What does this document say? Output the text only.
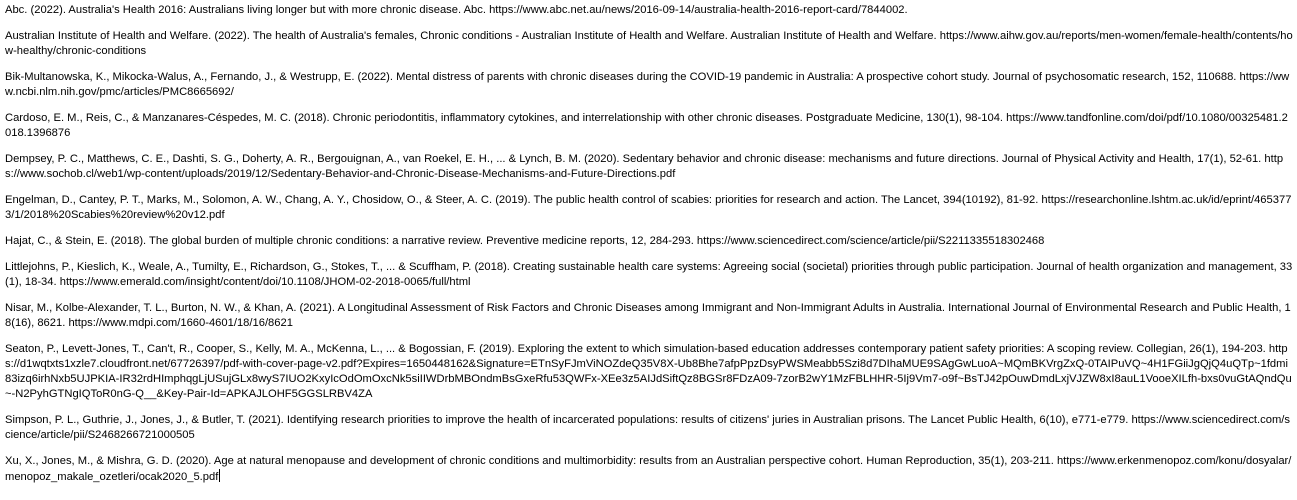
Abc. (2022). Australia's Health 2016: Australians living longer but with more chronic disease. Abc. https://www.abc.net.au/news/2016-09-14/australia-health-2016-report-card/7844002.

Australian Institute of Health and Welfare. (2022). The health of Australia's females, Chronic conditions - Australian Institute of Health and Welfare. Australian Institute of Health and Welfare. https://www.aihw.gov.au/reports/men-women/female-health/contents/how-healthy/chronic-conditions

Bik-Multanowska, K., Mikocka-Walus, A., Fernando, J., & Westrupp, E. (2022). Mental distress of parents with chronic diseases during the COVID-19 pandemic in Australia: A prospective cohort study. Journal of psychosomatic research, 152, 110688. https://www.ncbi.nlm.nih.gov/pmc/articles/PMC8665692/

Cardoso, E. M., Reis, C., & Manzanares-Céspedes, M. C. (2018). Chronic periodontitis, inflammatory cytokines, and interrelationship with other chronic diseases. Postgraduate Medicine, 130(1), 98-104. https://www.tandfonline.com/doi/pdf/10.1080/00325481.2018.1396876

Dempsey, P. C., Matthews, C. E., Dashti, S. G., Doherty, A. R., Bergouignan, A., van Roekel, E. H., ... & Lynch, B. M. (2020). Sedentary behavior and chronic disease: mechanisms and future directions. Journal of Physical Activity and Health, 17(1), 52-61. https://www.sochob.cl/web1/wp-content/uploads/2019/12/Sedentary-Behavior-and-Chronic-Disease-Mechanisms-and-Future-Directions.pdf

Engelman, D., Cantey, P. T., Marks, M., Solomon, A. W., Chang, A. Y., Chosidow, O., & Steer, A. C. (2019). The public health control of scabies: priorities for research and action. The Lancet, 394(10192), 81-92. https://researchonline.lshtm.ac.uk/id/eprint/4653773/1/2018%20Scabies%20review%20v12.pdf

Hajat, C., & Stein, E. (2018). The global burden of multiple chronic conditions: a narrative review. Preventive medicine reports, 12, 284-293. https://www.sciencedirect.com/science/article/pii/S2211335518302468

Littlejohns, P., Kieslich, K., Weale, A., Tumilty, E., Richardson, G., Stokes, T., ... & Scuffham, P. (2018). Creating sustainable health care systems: Agreeing social (societal) priorities through public participation. Journal of health organization and management, 33(1), 18-34. https://www.emerald.com/insight/content/doi/10.1108/JHOM-02-2018-0065/full/html

Nisar, M., Kolbe-Alexander, T. L., Burton, N. W., & Khan, A. (2021). A Longitudinal Assessment of Risk Factors and Chronic Diseases among Immigrant and Non-Immigrant Adults in Australia. International Journal of Environmental Research and Public Health, 18(16), 8621. https://www.mdpi.com/1660-4601/18/16/8621

Seaton, P., Levett-Jones, T., Can't, R., Cooper, S., Kelly, M. A., McKenna, L., ... & Bogossian, F. (2019). Exploring the extent to which simulation-based education addresses contemporary patient safety priorities: A scoping review. Collegian, 26(1), 194-203. https://d1wqtxts1xzle7.cloudfront.net/67726397/pdf-with-cover-page-v2.pdf?Expires=1650448162&Signature=ETnSyFJmViNOZdeQ35V8X-Ub8Bhe7afpPpzDsyPWSMeabb5Szi8d7DIhaMUE9SAgGwLuoA~MQmBKVrgZxQ-0TAIPuVQ~4H1FGiiJgQjQ4uQTp~1fdmi83izq6irhNxb5UJPKIA-IR32rdHImphqgLjUSujGLx8wyS7IUO2KxyIcOdOmOxcNk5siIIWDrbMBOndmBsGxeRfu53QWFx-XEe3z5AIJdSiftQz8BGSr8FDzA09-7zorB2wY1MzFBLHHR-5Ij9Vm7-o9f~BsTJ42pOuwDmdLxjVJZW8xI8auL1VooeXILfh-bxs0vuGtAQndQu~-N2PyhGTNgIQToR0nG-Q__&Key-Pair-Id=APKAJLOHF5GGSLRBV4ZA

Simpson, P. L., Guthrie, J., Jones, J., & Butler, T. (2021). Identifying research priorities to improve the health of incarcerated populations: results of citizens' juries in Australian prisons. The Lancet Public Health, 6(10), e771-e779. https://www.sciencedirect.com/science/article/pii/S2468266721000505

Xu, X., Jones, M., & Mishra, G. D. (2020). Age at natural menopause and development of chronic conditions and multimorbidity: results from an Australian perspective cohort. Human Reproduction, 35(1), 203-211. https://www.erkenmenopoz.com/konu/dosyalar/menopoz_makale_ozetleri/ocak2020_5.pdf
